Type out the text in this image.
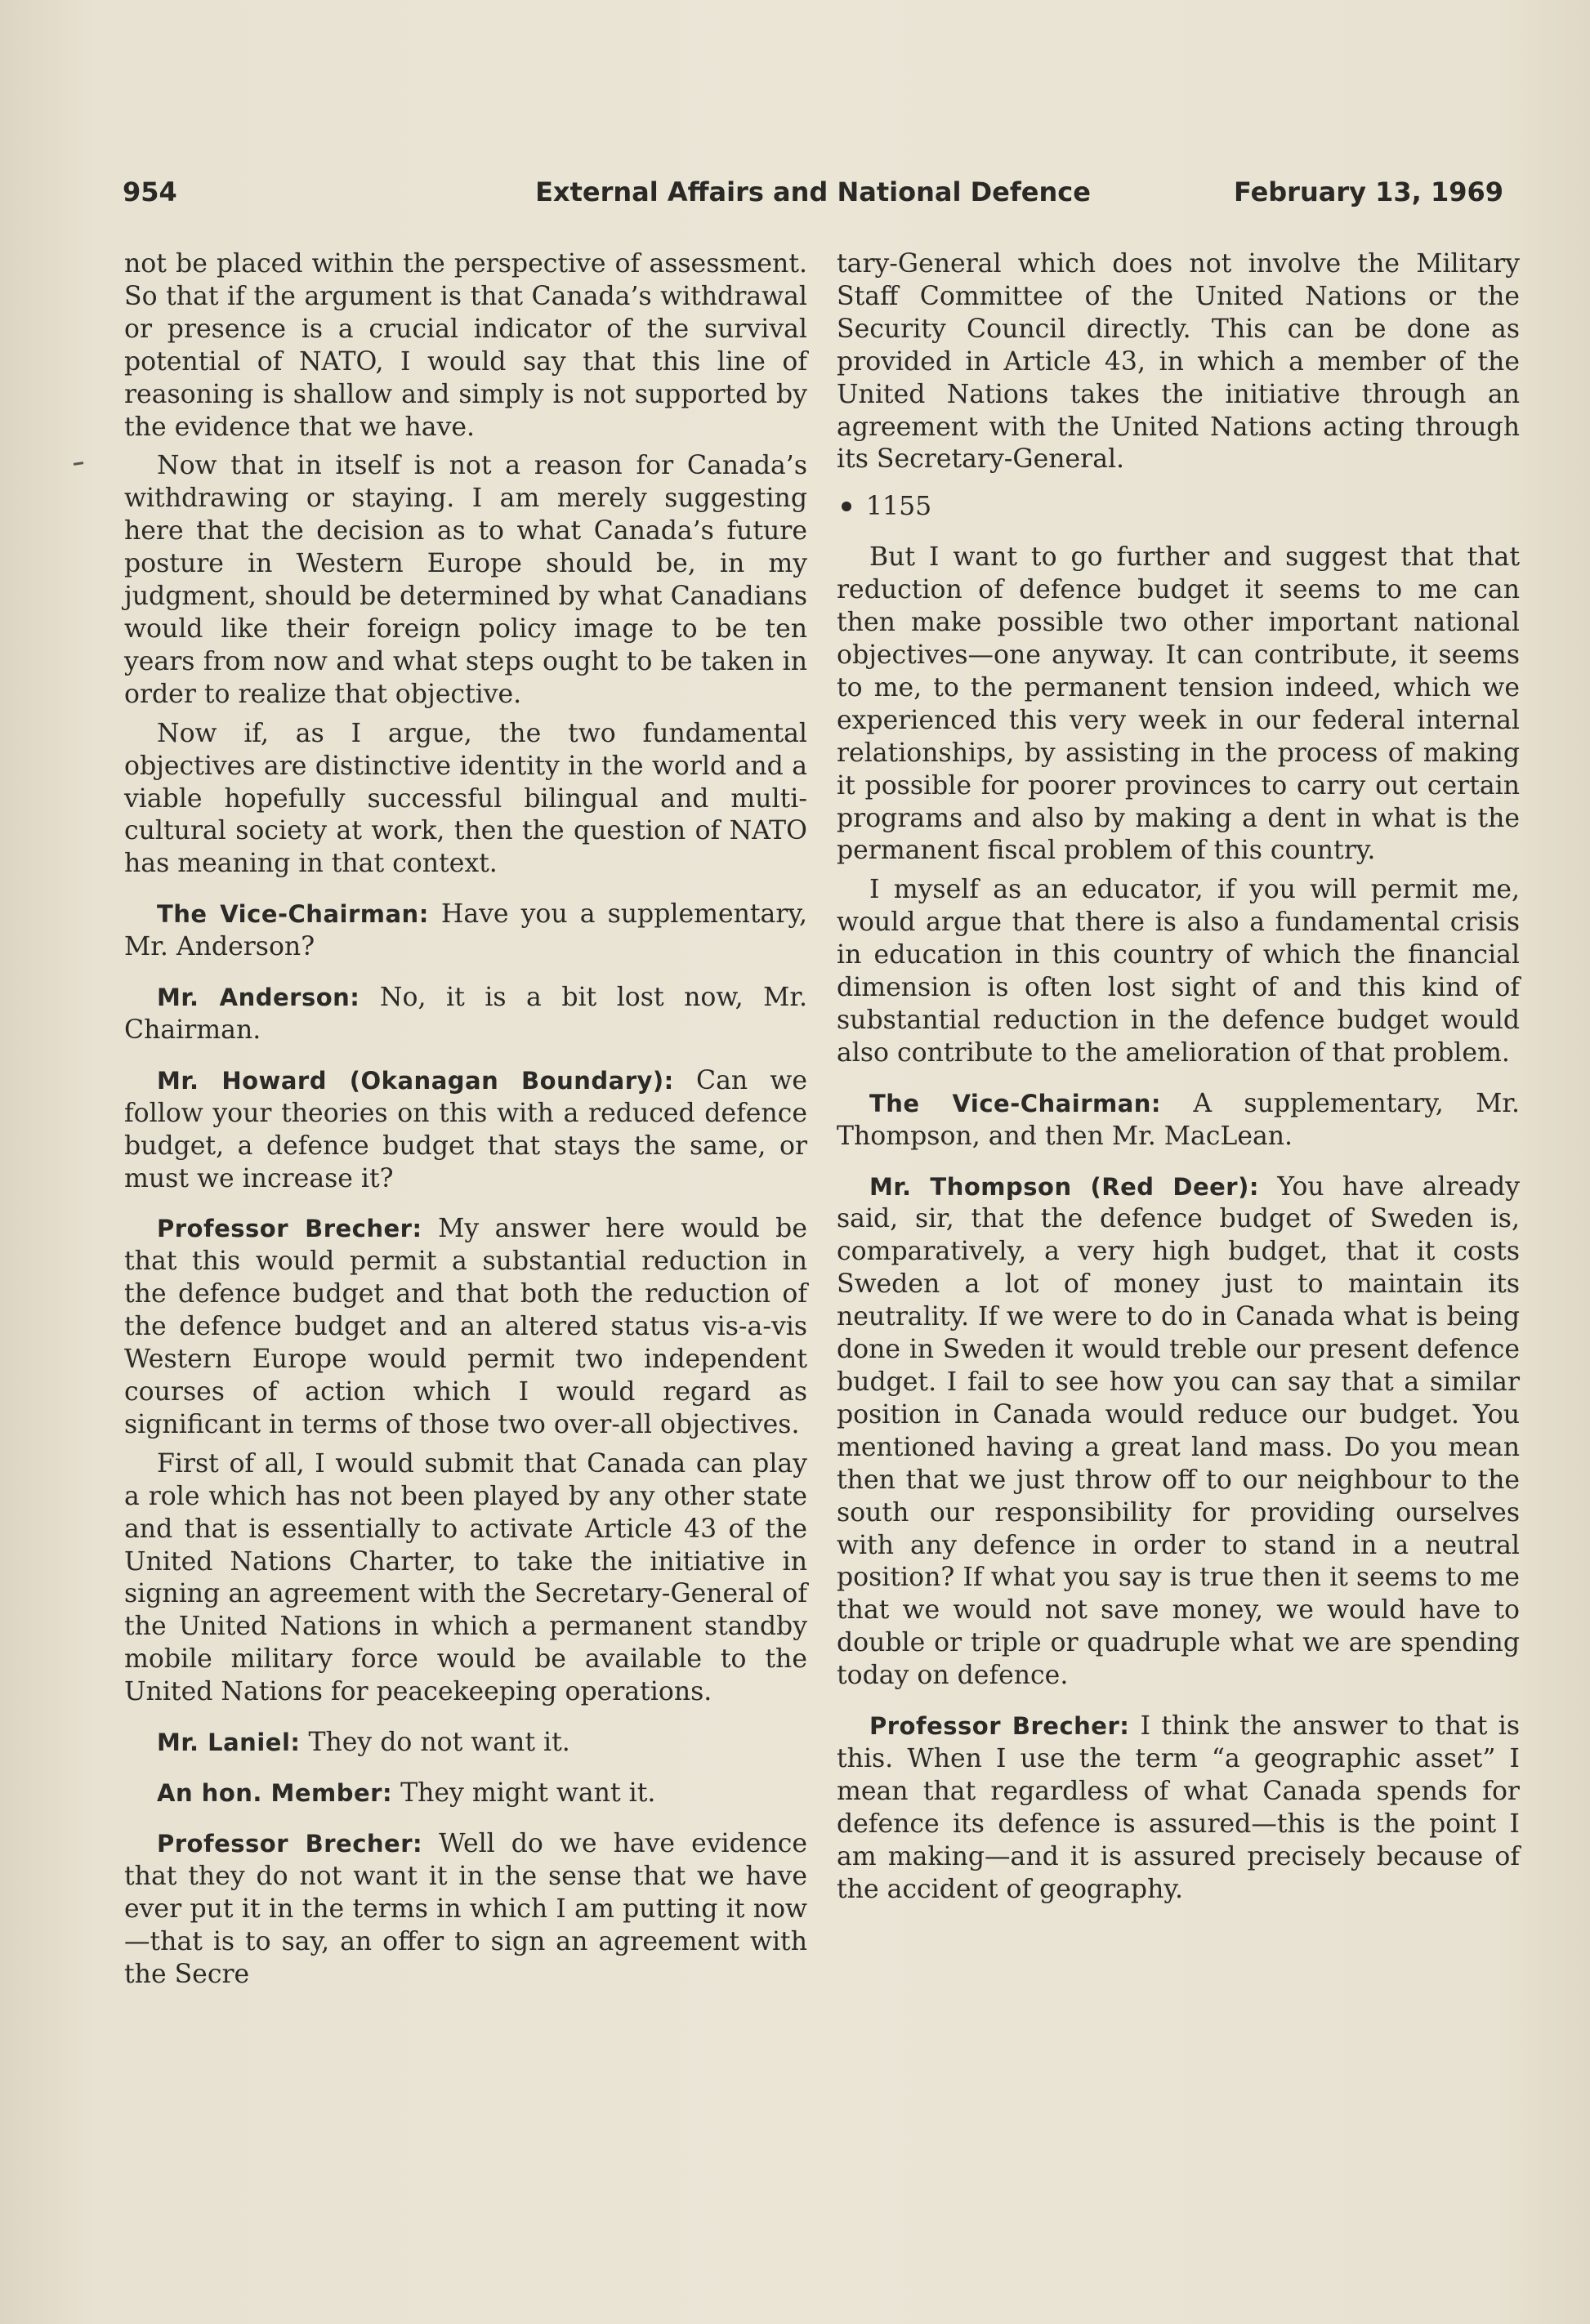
954	External Affairs and National Defence	February 13, 1969

not be placed within the perspective of assessment. So that if the argument is that Canada’s withdrawal or presence is a crucial indicator of the survival potential of NATO, I would say that this line of reasoning is shallow and simply is not supported by the evidence that we have.

Now that in itself is not a reason for Canada’s withdrawing or staying. I am merely suggesting here that the decision as to what Canada’s future posture in Western Europe should be, in my judgment, should be determined by what Canadians would like their foreign policy image to be ten years from now and what steps ought to be taken in order to realize that objective.

Now if, as I argue, the two fundamental objectives are distinctive identity in the world and a viable hopefully successful bilingual and multi-cultural society at work, then the question of NATO has meaning in that context.

The Vice-Chairman: Have you a supplementary, Mr. Anderson?

Mr. Anderson: No, it is a bit lost now, Mr. Chairman.

Mr. Howard (Okanagan Boundary): Can we follow your theories on this with a reduced defence budget, a defence budget that stays the same, or must we increase it?

Professor Brecher: My answer here would be that this would permit a substantial reduction in the defence budget and that both the reduction of the defence budget and an altered status vis-a-vis Western Europe would permit two independent courses of action which I would regard as significant in terms of those two over-all objectives.

First of all, I would submit that Canada can play a role which has not been played by any other state and that is essentially to activate Article 43 of the United Nations Charter, to take the initiative in signing an agreement with the Secretary-General of the United Nations in which a permanent standby mobile military force would be available to the United Nations for peacekeeping operations.

Mr. Laniel: They do not want it.

An hon. Member: They might want it.

Professor Brecher: Well do we have evidence that they do not want it in the sense that we have ever put it in the terms in which I am putting it now—that is to say, an offer to sign an agreement with the Secre

tary-General which does not involve the Military Staff Committee of the United Nations or the Security Council directly. This can be done as provided in Article 43, in which a member of the United Nations takes the initiative through an agreement with the United Nations acting through its Secretary-General.

1155

But I want to go further and suggest that that reduction of defence budget it seems to me can then make possible two other important national objectives—one anyway. It can contribute, it seems to me, to the permanent tension indeed, which we experienced this very week in our federal internal relationships, by assisting in the process of making it possible for poorer provinces to carry out certain programs and also by making a dent in what is the permanent fiscal problem of this country.

I myself as an educator, if you will permit me, would argue that there is also a fundamental crisis in education in this country of which the financial dimension is often lost sight of and this kind of substantial reduction in the defence budget would also contribute to the amelioration of that problem.

The Vice-Chairman: A supplementary, Mr. Thompson, and then Mr. MacLean.

Mr. Thompson (Red Deer): You have already said, sir, that the defence budget of Sweden is, comparatively, a very high budget, that it costs Sweden a lot of money just to maintain its neutrality. If we were to do in Canada what is being done in Sweden it would treble our present defence budget. I fail to see how you can say that a similar position in Canada would reduce our budget. You mentioned having a great land mass. Do you mean then that we just throw off to our neighbour to the south our responsibility for providing ourselves with any defence in order to stand in a neutral position? If what you say is true then it seems to me that we would not save money, we would have to double or triple or quadruple what we are spending today on defence.

Professor Brecher: I think the answer to that is this. When I use the term “a geographic asset” I mean that regardless of what Canada spends for defence its defence is assured—this is the point I am making—and it is assured precisely because of the accident of geography.
